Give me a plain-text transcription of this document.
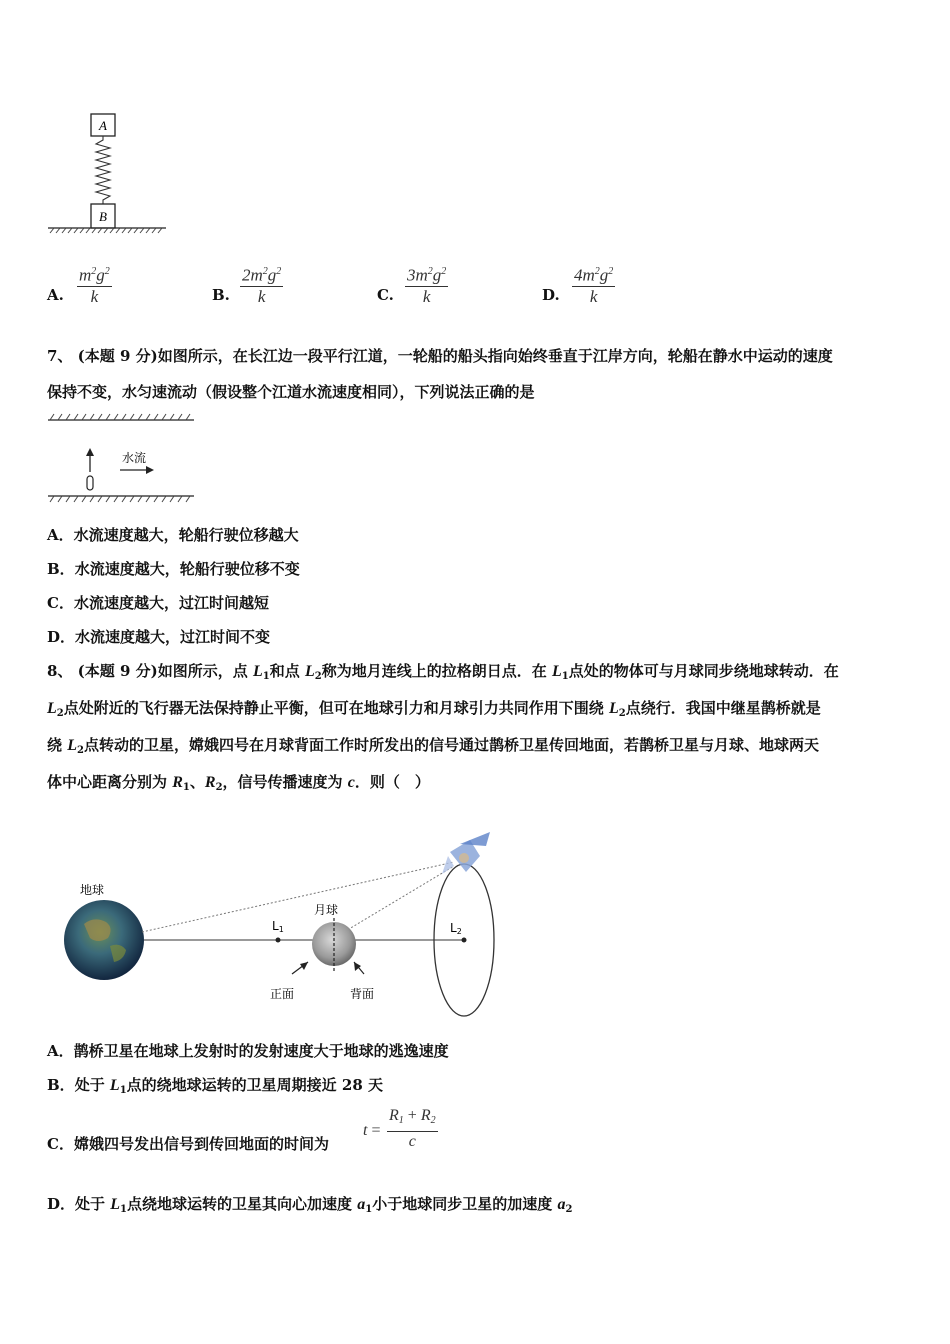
A
B
A. $\frac{m^2g^2}{k}$	B. $\frac{2m^2g^2}{k}$	C. $\frac{3m^2g^2}{k}$	D. $\frac{4m^2g^2}{k}$
7、 (本题 9 分)如图所示，在长江边一段平行江道，一轮船的船头指向始终垂直于江岸方向，轮船在静水中运动的速度
保持不变，水匀速流动（假设整个江道水流速度相同），下列说法正确的是
水流
A．水流速度越大，轮船行驶位移越大
B．水流速度越大，轮船行驶位移不变
C．水流速度越大，过江时间越短
D．水流速度越大，过江时间不变
8、 (本题 9 分)如图所示，点 $L_1$和点 $L_2$称为地月连线上的拉格朗日点．在 $L_1$点处的物体可与月球同步绕地球转动．在
$L_2$点处附近的飞行器无法保持静止平衡，但可在地球引力和月球引力共同作用下围绕 $L_2$点绕行．我国中继星鹊桥就是
绕 $L_2$点转动的卫星，嫦娥四号在月球背面工作时所发出的信号通过鹊桥卫星传回地面，若鹊桥卫星与月球、地球两天
体中心距离分别为 $R_1$、$R_2$，信号传播速度为 c．则（　）
地球
L1
月球
正面	背面
L2
A．鹊桥卫星在地球上发射时的发射速度大于地球的逃逸速度
B．处于 $L_1$点的绕地球运转的卫星周期接近 28 天
C．嫦娥四号发出信号到传回地面的时间为
$t = \frac{R_1 + R_2}{c}$
D．处于 $L_1$点绕地球运转的卫星其向心加速度 $a_1$小于地球同步卫星的加速度 $a_2$
